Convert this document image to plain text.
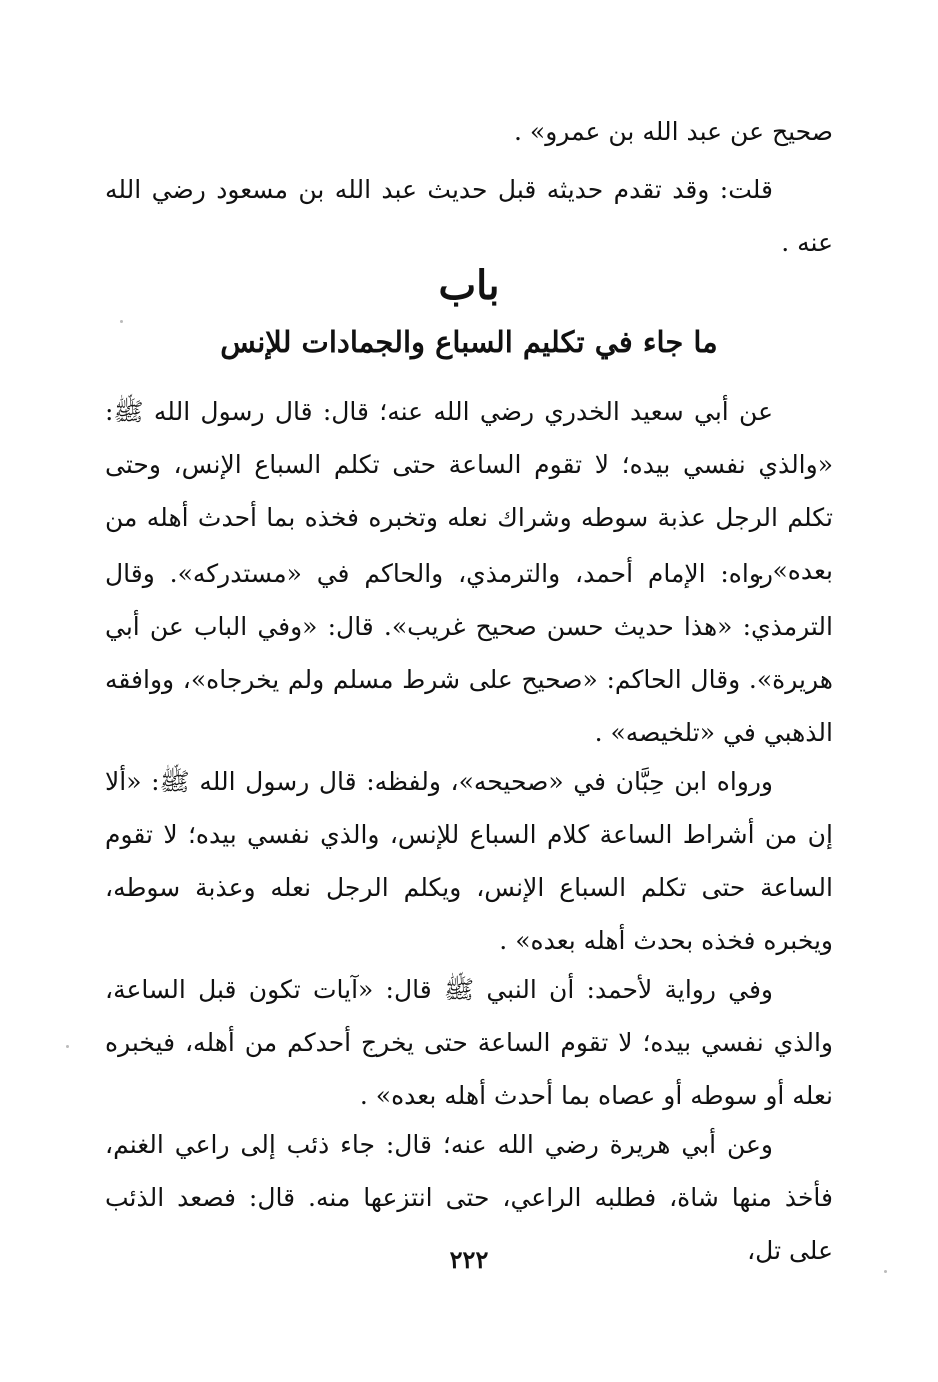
صحيح عن عبد الله بن عمرو» .
قلت: وقد تقدم حديثه قبل حديث عبد الله بن مسعود رضي الله عنه .
باب
ما جاء في تكليم السباع والجمادات للإنس

عن أبي سعيد الخدري رضي الله عنه؛ قال: قال رسول الله ﷺ: «والذي نفسي بيده؛ لا تقوم الساعة حتى تكلم السباع الإنس، وحتى تكلم الرجل عذبة سوطه وشراك نعله وتخبره فخذه بما أحدث أهله من بعده» .

رواه: الإمام أحمد، والترمذي، والحاكم في «مستدركه». وقال الترمذي: «هذا حديث حسن صحيح غريب». قال: «وفي الباب عن أبي هريرة». وقال الحاكم: «صحيح على شرط مسلم ولم يخرجاه»، ووافقه الذهبي في «تلخيصه» .

ورواه ابن حِبَّان في «صحيحه»، ولفظه: قال رسول الله ﷺ: «ألا إن من أشراط الساعة كلام السباع للإنس، والذي نفسي بيده؛ لا تقوم الساعة حتى تكلم السباع الإنس، ويكلم الرجل نعله وعذبة سوطه، ويخبره فخذه بحدث أهله بعده» .

وفي رواية لأحمد: أن النبي ﷺ قال: «آيات تكون قبل الساعة، والذي نفسي بيده؛ لا تقوم الساعة حتى يخرج أحدكم من أهله، فيخبره نعله أو سوطه أو عصاه بما أحدث أهله بعده» .

وعن أبي هريرة رضي الله عنه؛ قال: جاء ذئب إلى راعي الغنم، فأخذ منها شاة، فطلبه الراعي، حتى انتزعها منه. قال: فصعد الذئب على تل،

٢٢٢
